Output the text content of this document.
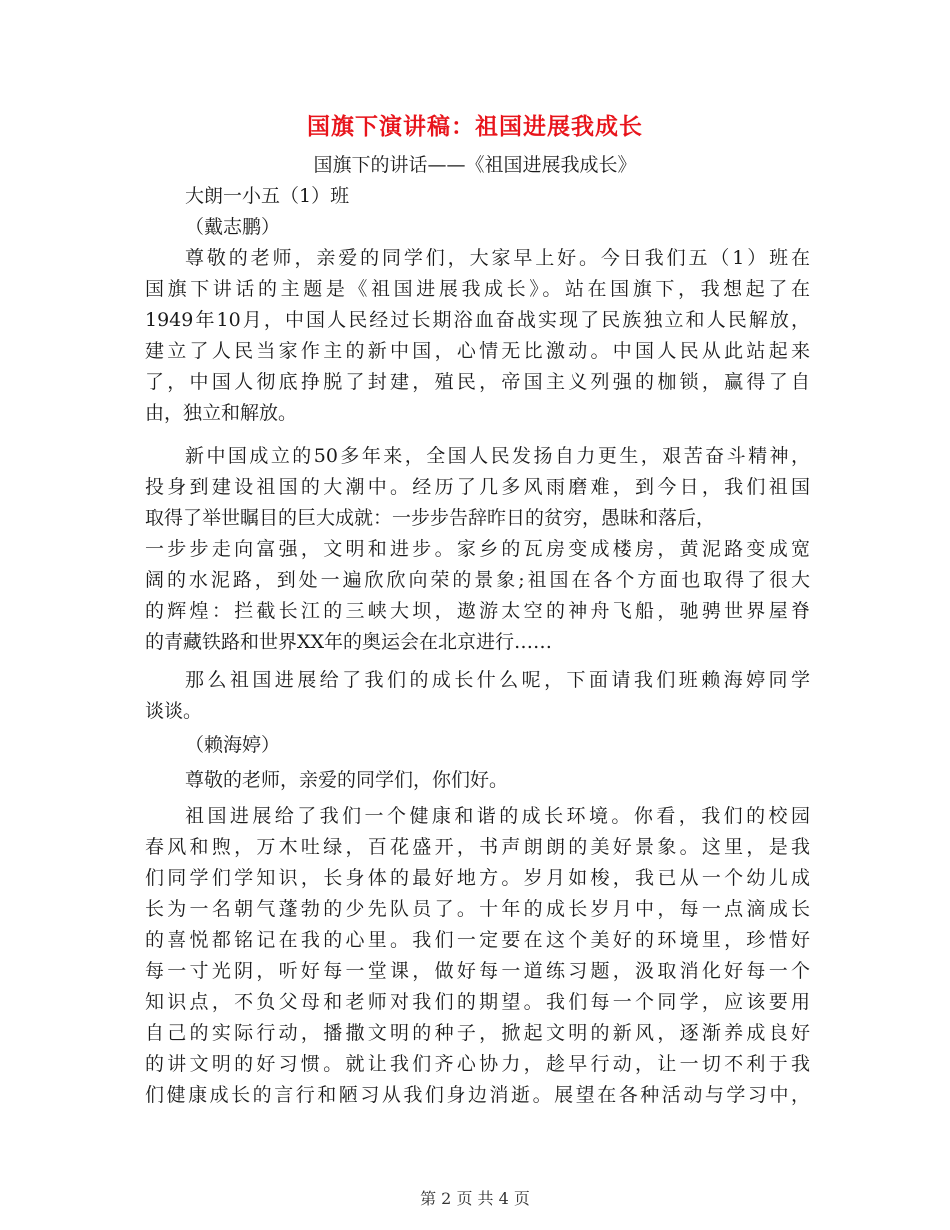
国旗下演讲稿：祖国进展我成长
国旗下的讲话——《祖国进展我成长》
大朗一小五（1）班
（戴志鹏）
尊敬的老师，亲爱的同学们，大家早上好。今日我们五（1）班在
国旗下讲话的主题是《祖国进展我成长》。站在国旗下，我想起了在
1949年10月，中国人民经过长期浴血奋战实现了民族独立和人民解放，
建立了人民当家作主的新中国，心情无比激动。中国人民从此站起来
了，中国人彻底挣脱了封建，殖民，帝国主义列强的枷锁，赢得了自
由，独立和解放。
新中国成立的50多年来，全国人民发扬自力更生，艰苦奋斗精神，
投身到建设祖国的大潮中。经历了几多风雨磨难，到今日，我们祖国
取得了举世瞩目的巨大成就：一步步告辞昨日的贫穷，愚昧和落后，
一步步走向富强，文明和进步。家乡的瓦房变成楼房，黄泥路变成宽
阔的水泥路，到处一遍欣欣向荣的景象;祖国在各个方面也取得了很大
的辉煌：拦截长江的三峡大坝，遨游太空的神舟飞船，驰骋世界屋脊
的青藏铁路和世界XX年的奥运会在北京进行……
那么祖国进展给了我们的成长什么呢，下面请我们班赖海婷同学
谈谈。
（赖海婷）
尊敬的老师，亲爱的同学们，你们好。
祖国进展给了我们一个健康和谐的成长环境。你看，我们的校园
春风和煦，万木吐绿，百花盛开，书声朗朗的美好景象。这里，是我
们同学们学知识，长身体的最好地方。岁月如梭，我已从一个幼儿成
长为一名朝气蓬勃的少先队员了。十年的成长岁月中，每一点滴成长
的喜悦都铭记在我的心里。我们一定要在这个美好的环境里，珍惜好
每一寸光阴，听好每一堂课，做好每一道练习题，汲取消化好每一个
知识点，不负父母和老师对我们的期望。我们每一个同学，应该要用
自己的实际行动，播撒文明的种子，掀起文明的新风，逐渐养成良好
的讲文明的好习惯。就让我们齐心协力，趁早行动，让一切不利于我
们健康成长的言行和陋习从我们身边消逝。展望在各种活动与学习中，
第 2 页 共 4 页
